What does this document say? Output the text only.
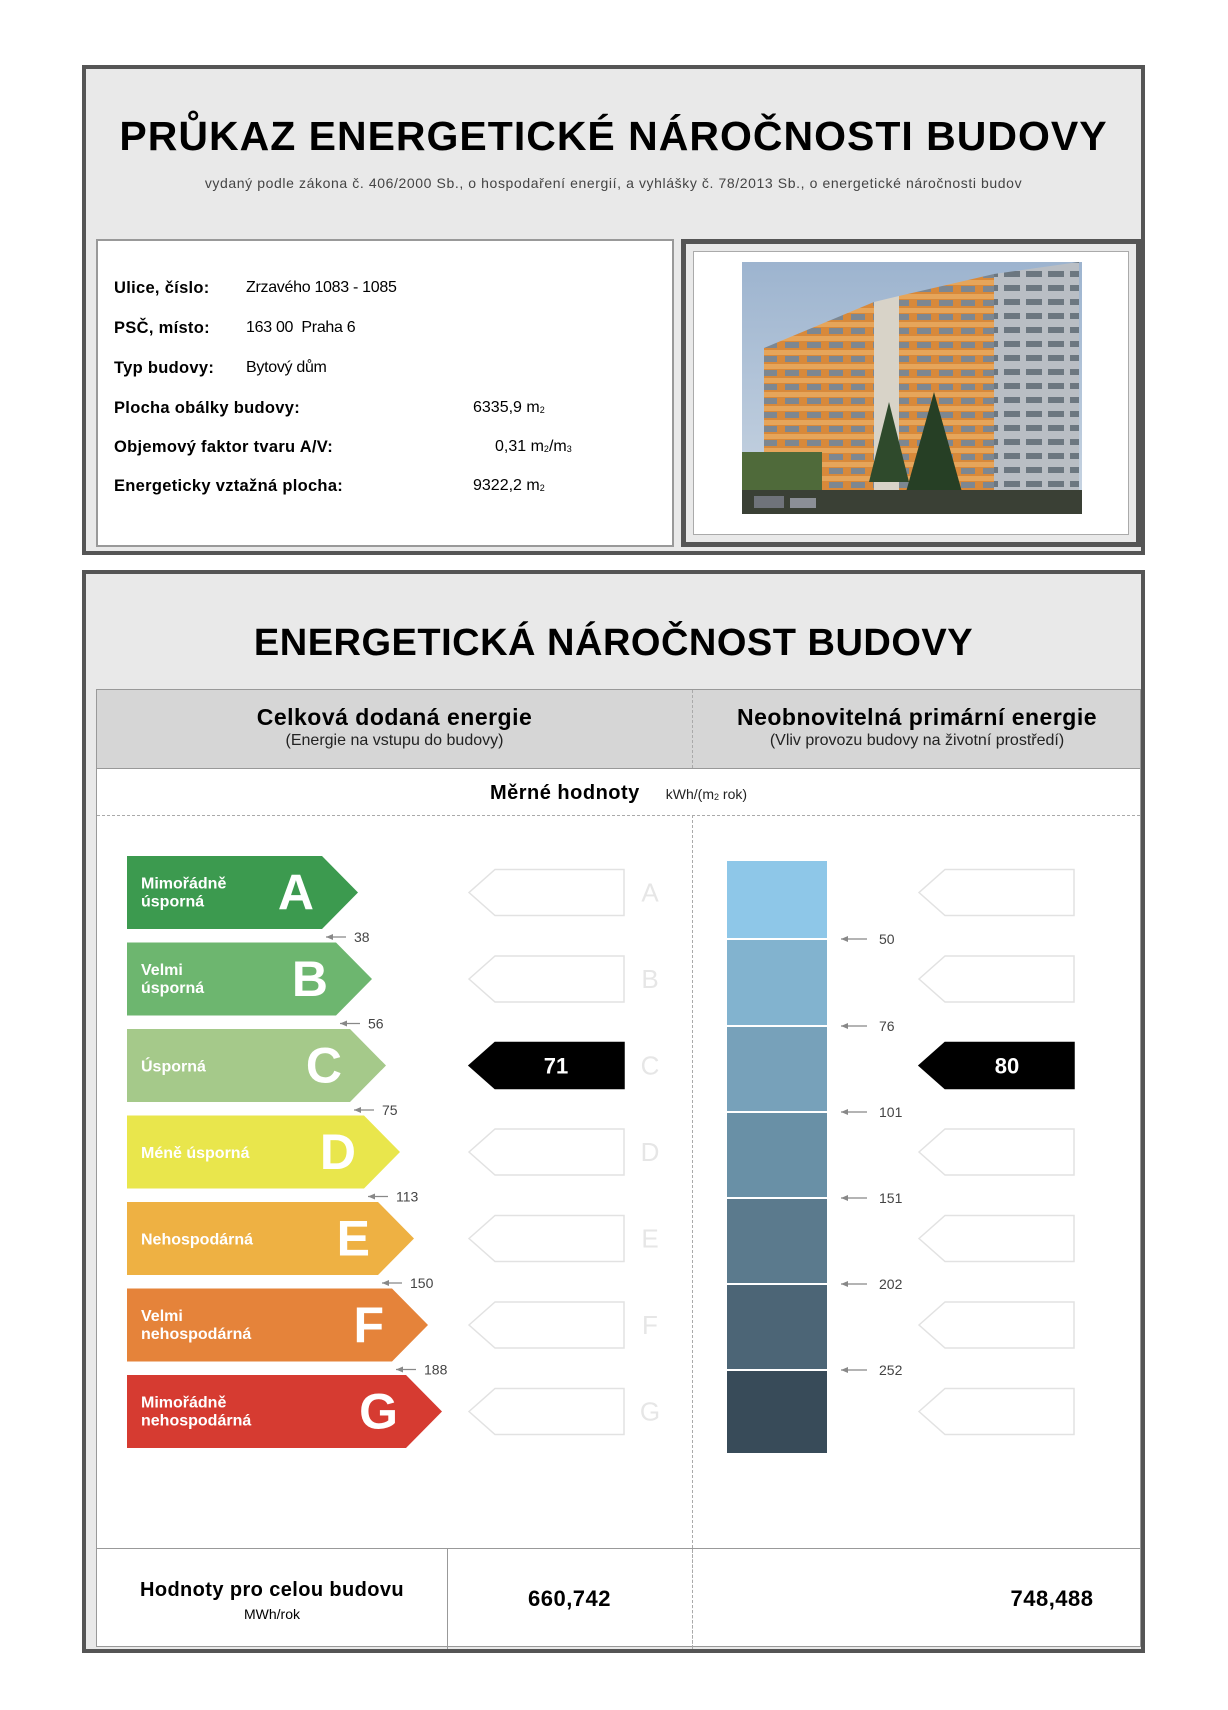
PRŮKAZ ENERGETICKÉ NÁROČNOSTI BUDOVY
vydaný podle zákona č. 406/2000 Sb., o hospodaření energií, a vyhlášky č. 78/2013 Sb., o energetické náročnosti budov
Ulice, číslo: Zrzavého 1083 - 1085
PSČ, místo: 163 00  Praha 6
Typ budovy: Bytový dům
Plocha obálky budovy:	6335,9 $m_2$
Objemový faktor tvaru A/V:	0,31 $m_2/m_3$
Energeticky vztažná plocha:	9322,2 $m_2$
ENERGETICKÁ NÁROČNOST BUDOVY
Celková dodaná energie
(Energie na vstupu do budovy)
Neobnovitelná primární energie
(Vliv provozu budovy na životní prostředí)
Měrné hodnoty kWh/($m_2$ rok)
Mimořádně
úsporná A	A
38
Velmi
úsporná B	B
56
Úsporná C	71	C
75
Méně úsporná D	D
113
Nehospodárná E	E
150
Velmi
nehospodárná F	F
188
Mimořádně
nehospodárná G	G
50
76
80
101
151
202
252
Hodnoty pro celou budovu
MWh/rok
660,742	748,488
